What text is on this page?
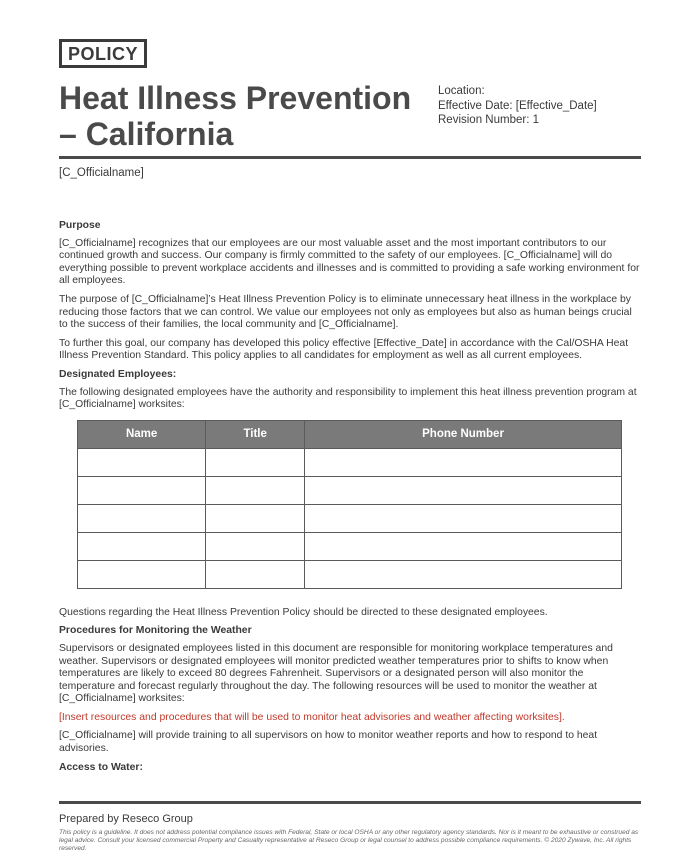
POLICY
Heat Illness Prevention – California
Location:
Effective Date: [Effective_Date]
Revision Number: 1
[C_Officialname]
Purpose

[C_Officialname] recognizes that our employees are our most valuable asset and the most important contributors to our continued growth and success. Our company is firmly committed to the safety of our employees. [C_Officialname] will do everything possible to prevent workplace accidents and illnesses and is committed to providing a safe working environment for all employees.

The purpose of [C_Officialname]’s Heat Illness Prevention Policy is to eliminate unnecessary heat illness in the workplace by reducing those factors that we can control. We value our employees not only as employees but also as human beings crucial to the success of their families, the local community and [C_Officialname].

To further this goal, our company has developed this policy effective [Effective_Date] in accordance with the Cal/OSHA Heat Illness Prevention Standard. This policy applies to all candidates for employment as well as all current employees.

Designated Employees:

The following designated employees have the authority and responsibility to implement this heat illness prevention program at [C_Officialname] worksites:

Name	Title	Phone Number

Questions regarding the Heat Illness Prevention Policy should be directed to these designated employees.

Procedures for Monitoring the Weather

Supervisors or designated employees listed in this document are responsible for monitoring workplace temperatures and weather. Supervisors or designated employees will monitor predicted weather temperatures prior to shifts to know when temperatures are likely to exceed 80 degrees Fahrenheit. Supervisors or a designated person will also monitor the temperature and forecast regularly throughout the day. The following resources will be used to monitor the weather at [C_Officialname] worksites:

[Insert resources and procedures that will be used to monitor heat advisories and weather affecting worksites].

[C_Officialname] will provide training to all supervisors on how to monitor weather reports and how to respond to heat advisories.

Access to Water:
Prepared by Reseco Group
This policy is a guideline. It does not address potential compliance issues with Federal, State or local OSHA or any other regulatory agency standards. Nor is it meant to be exhaustive or construed as legal advice. Consult your licensed commercial Property and Casualty representative at Reseco Group or legal counsel to address possible compliance requirements. © 2020 Zywave, Inc. All rights reserved.
